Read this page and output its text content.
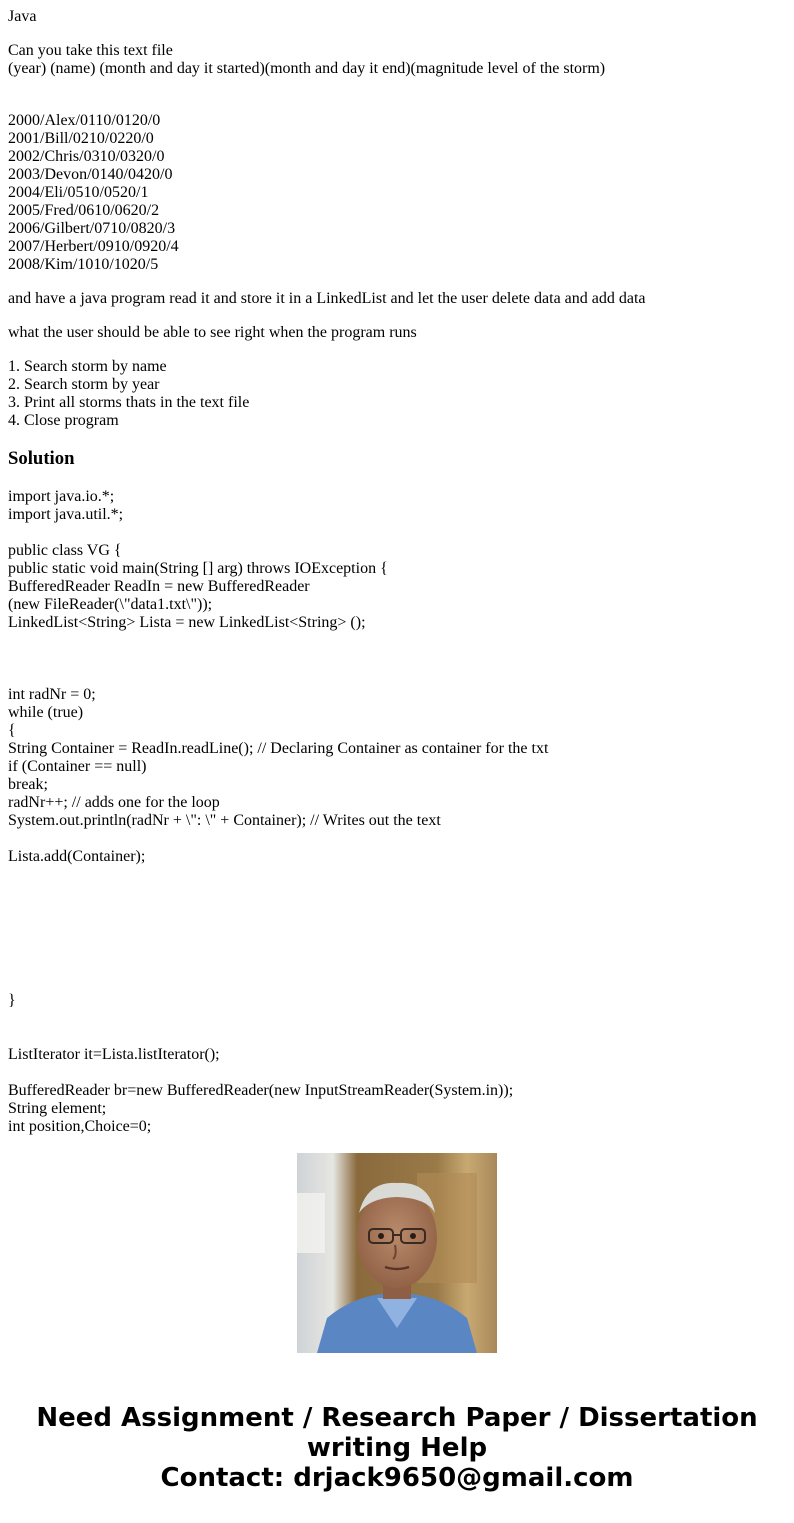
Java
Can you take this text file
(year) (name) (month and day it started)(month and day it end)(magnitude level of the storm)
2000/Alex/0110/0120/0
2001/Bill/0210/0220/0
2002/Chris/0310/0320/0
2003/Devon/0140/0420/0
2004/Eli/0510/0520/1
2005/Fred/0610/0620/2
2006/Gilbert/0710/0820/3
2007/Herbert/0910/0920/4
2008/Kim/1010/1020/5
and have a java program read it and store it in a LinkedList and let the user delete data and add data
what the user should be able to see right when the program runs
1. Search storm by name
2. Search storm by year
3. Print all storms thats in the text file
4. Close program
Solution
import java.io.*;
import java.util.*;
public class VG {
public static void main(String [] arg) throws IOException {
BufferedReader ReadIn = new BufferedReader
(new FileReader(\"data1.txt\"));
LinkedList<String> Lista = new LinkedList<String> ();
int radNr = 0;
while (true)
{
String Container = ReadIn.readLine(); // Declaring Container as container for the txt
if (Container == null)
break;
radNr++; // adds one for the loop
System.out.println(radNr + \": \" + Container); // Writes out the text
Lista.add(Container);
}
ListIterator it=Lista.listIterator();
BufferedReader br=new BufferedReader(new InputStreamReader(System.in));
String element;
int position,Choice=0;
Need Assignment / Research Paper / Dissertation
writing Help
Contact: drjack9650@gmail.com
